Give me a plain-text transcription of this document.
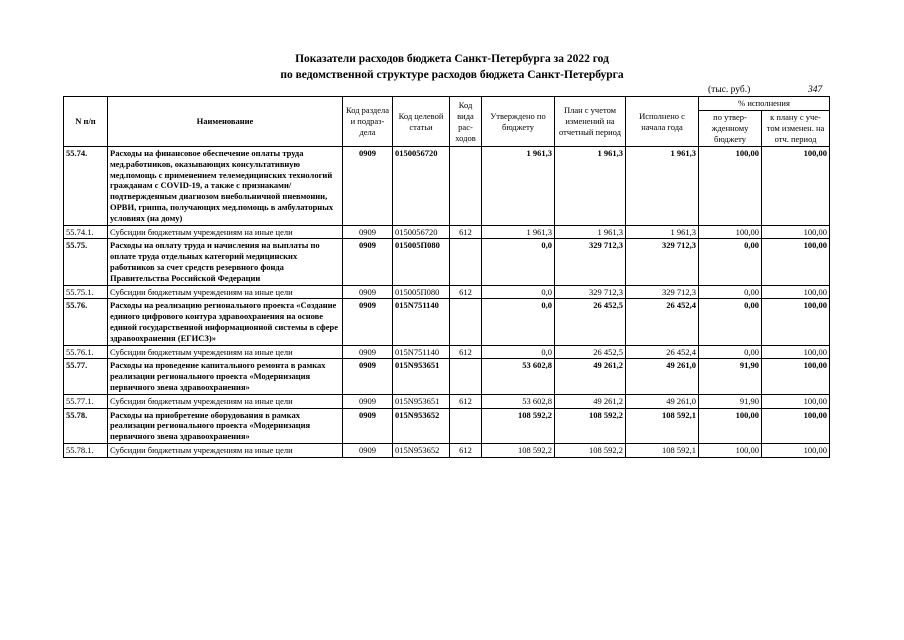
Показатели расходов бюджета Санкт-Петербурга за 2022 год
по ведомственной структуре расходов бюджета Санкт-Петербурга
(тыс. руб.)	347
N п/п	Наименование	Код раздела и подраз-дела	Код целевой статьи	Код вида рас-ходов	Утверждено по бюджету	План с учетом изменений на отчетный период	Исполнено с начала года	% исполнения	
								по утвер-жденному бюджету	к плану с уче-том изменен. на отч. период
55.74.	Расходы на финансовое обеспечение оплаты труда мед.работников, оказывающих консультативную мед.помощь с применением телемедицинских технологий гражданам с COVID-19, а также с признаками/подтвержденным диагнозом внебольничной пневмонии, ОРВИ, гриппа, получающих мед.помощь в амбулаторных условиях (на дому)	0909	0150056720		1 961,3	1 961,3	1 961,3	100,00	100,00
55.74.1.	Субсидии бюджетным учреждениям на иные цели	0909	0150056720	612	1 961,3	1 961,3	1 961,3	100,00	100,00
55.75.	Расходы на оплату труда и начисления на выплаты по оплате труда отдельных категорий медицинских работников за счет средств резервного фонда Правительства Российской Федерации	0909	015005П080		0,0	329 712,3	329 712,3	0,00	100,00
55.75.1.	Субсидии бюджетным учреждениям на иные цели	0909	015005П080	612	0,0	329 712,3	329 712,3	0,00	100,00
55.76.	Расходы на реализацию регионального проекта «Создание единого цифрового контура здравоохранения на основе единой государственной информационной системы в сфере здравоохранения (ЕГИСЗ)»	0909	015N751140		0,0	26 452,5	26 452,4	0,00	100,00
55.76.1.	Субсидии бюджетным учреждениям на иные цели	0909	015N751140	612	0,0	26 452,5	26 452,4	0,00	100,00
55.77.	Расходы на проведение капитального ремонта в рамках реализации регионального проекта «Модернизация первичного звена здравоохранения»	0909	015N953651		53 602,8	49 261,2	49 261,0	91,90	100,00
55.77.1.	Субсидии бюджетным учреждениям на иные цели	0909	015N953651	612	53 602,8	49 261,2	49 261,0	91,90	100,00
55.78.	Расходы на приобретение оборудования в рамках реализации регионального проекта «Модернизация первичного звена здравоохранения»	0909	015N953652		108 592,2	108 592,2	108 592,1	100,00	100,00
55.78.1.	Субсидии бюджетным учреждениям на иные цели	0909	015N953652	612	108 592,2	108 592,2	108 592,1	100,00	100,00
